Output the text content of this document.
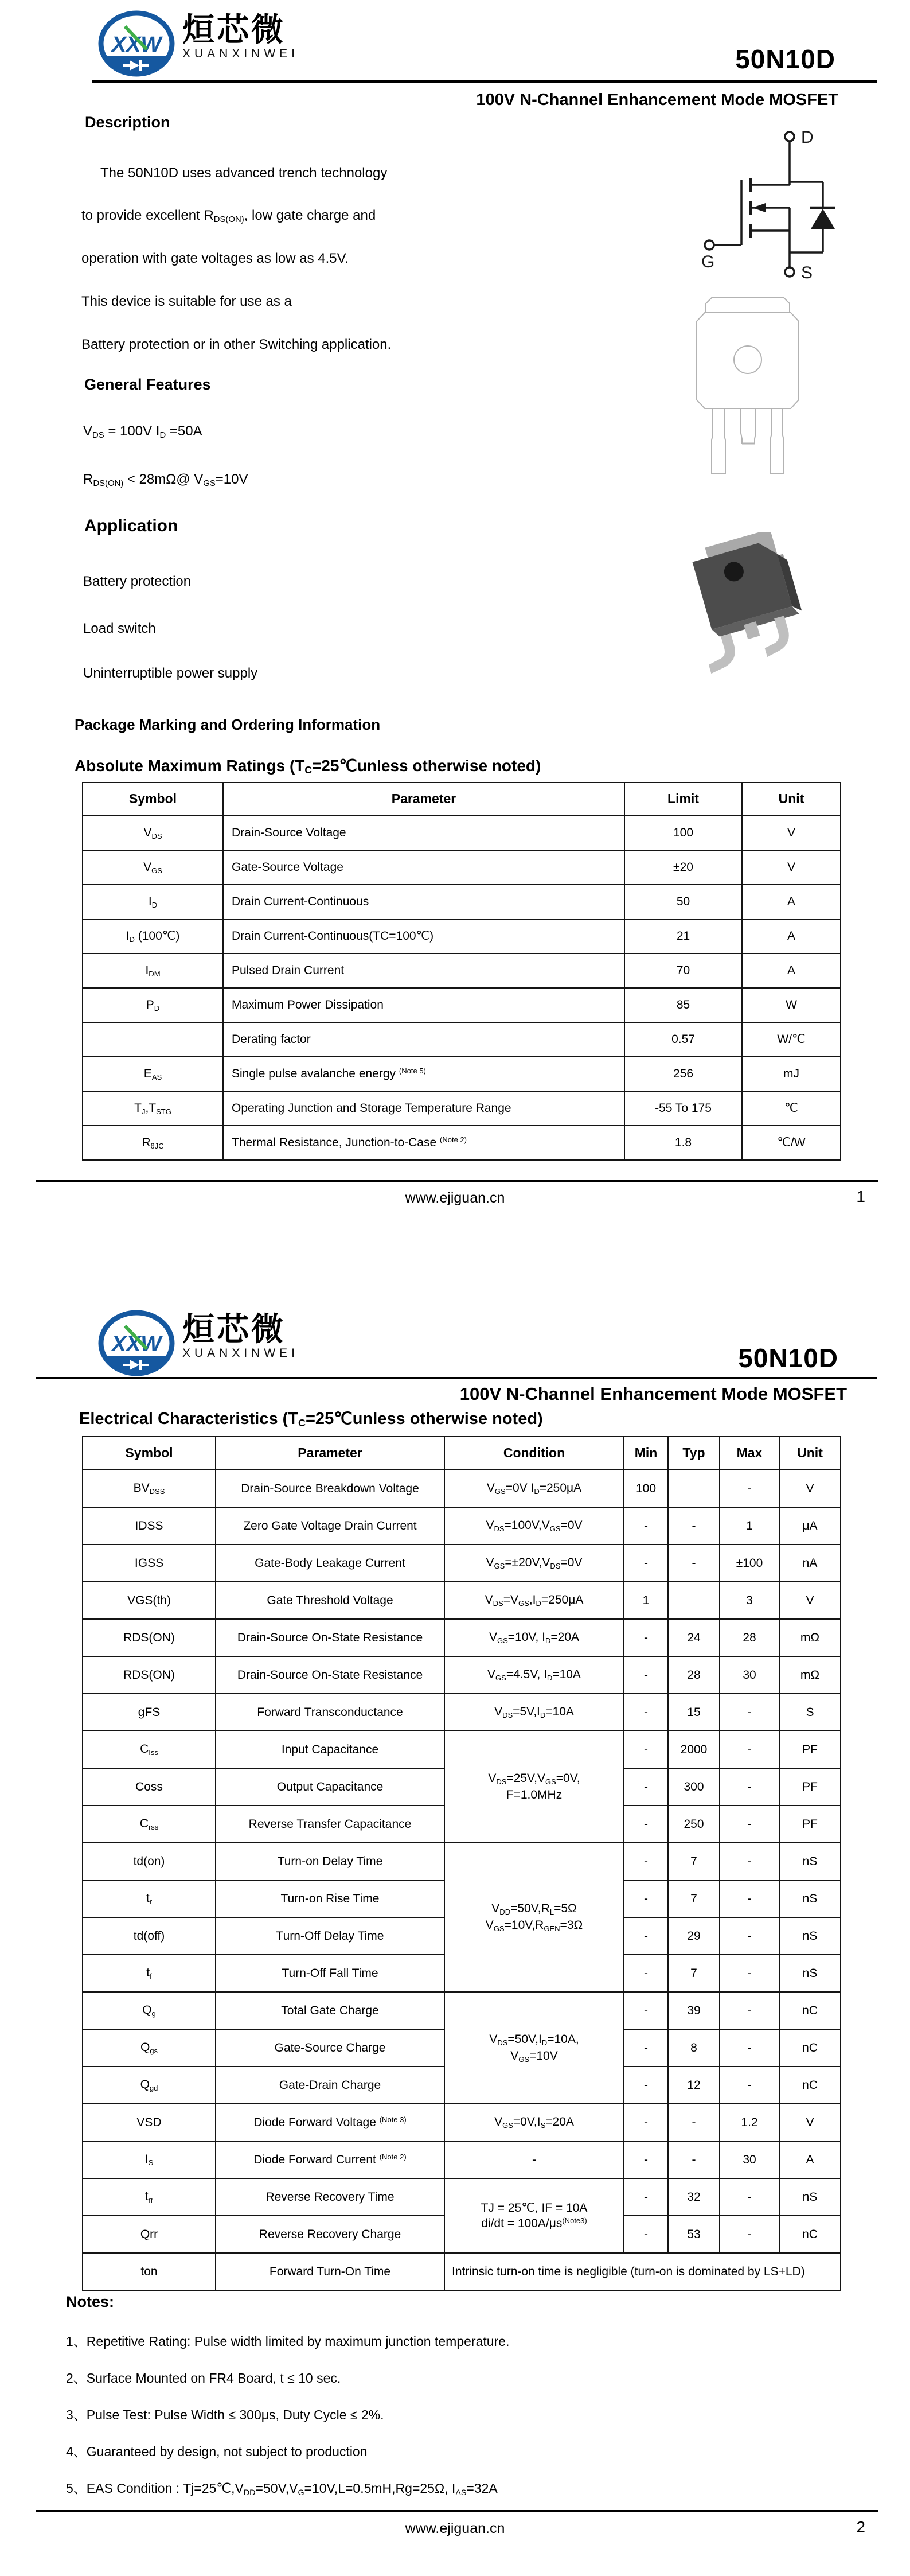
XXW 烜芯微
XUANXINWEI	50N10D
100V N-Channel Enhancement Mode MOSFET
Description
The 50N10D uses advanced trench technology
to provide excellent $R_{DS(ON)}$, low gate charge and
operation with gate voltages as low as 4.5V.
This device is suitable for use as a
Battery protection or in other Switching application.
General Features
$V_{DS} = 100V$ $I_D =50A$
$R_{DS(ON)}$ < 28mΩ@ $V_{GS}=10V$
Application
Battery protection
Load switch
Uninterruptible power supply
Package Marking and Ordering Information
D
G
S
Absolute Maximum Ratings ($T_C=25℃unless$ otherwise noted)
Symbol	Parameter	Limit	Unit
$V_{DS}$	Drain-Source Voltage	100	V
$V_{GS}$	Gate-Source Voltage	±20	V
$I_D$	Drain Current-Continuous	50	A
$I_D$ (100℃)	Drain Current-Continuous(TC=100℃)	21	A
$I_{DM}$	Pulsed Drain Current	70	A
$P_D$	Maximum Power Dissipation	85	W
	Derating factor	0.57	W/℃
$E_{AS}$	Single pulse avalanche energy $^{(Note 5)}$	256	mJ
$T_J,T_{STG}$	Operating Junction and Storage Temperature Range	-55 To 175	℃
$R_{\theta JC}$	Thermal Resistance, Junction-to-Case $^{(Note 2)}$	1.8	℃/W
www.ejiguan.cn	1
XXW 烜芯微
XUANXINWEI	50N10D
100V N-Channel Enhancement Mode MOSFET
Electrical Characteristics ($T_C=25℃unless$ otherwise noted)
Symbol	Parameter	Condition	Min	Typ	Max	Unit
$BV_{DSS}$	Drain-Source Breakdown Voltage	$V_{GS}=0V$ $I_D=250\mu A$	100		-	V
IDSS	Zero Gate Voltage Drain Current	$V_{DS}=100V,V_{GS}=0V$	-	-	1	μA
IGSS	Gate-Body Leakage Current	$V_{GS}=\pm 20V,V_{DS}=0V$	-	-	±100	nA
VGS(th)	Gate Threshold Voltage	$V_{DS}=V_{GS},I_D=250\mu A$	1		3	V
RDS(ON)	Drain-Source On-State Resistance	$V_{GS}=10V$, $I_D=20A$	-	24	28	mΩ
RDS(ON)	Drain-Source On-State Resistance	$V_{GS}=4.5V$, $I_D=10A$	-	28	30	mΩ
gFS	Forward Transconductance	$V_{DS}=5V,I_D=10A$	-	15	-	S
$C_{Iss}$	Input Capacitance	$V_{DS}=25V,V_{GS}=0V$,
F=1.0MHz	-	2000	-	PF
Coss	Output Capacitance		-	300	-	PF
$C_{rss}$	Reverse Transfer Capacitance		-	250	-	PF
td(on)	Turn-on Delay Time	$V_{DD}=50V,R_L=5\Omega$
$V_{GS}=10V,R_{GEN}=3\Omega$	-	7	-	nS
$t_r$	Turn-on Rise Time		-	7	-	nS
td(off)	Turn-Off Delay Time		-	29	-	nS
$t_f$	Turn-Off Fall Time		-	7	-	nS
$Q_g$	Total Gate Charge	$V_{DS}=50V,I_D=10A$,
$V_{GS}=10V$	-	39	-	nC
$Q_{gs}$	Gate-Source Charge		-	8	-	nC
$Q_{gd}$	Gate-Drain Charge		-	12	-	nC
VSD	Diode Forward Voltage $^{(Note 3)}$	$V_{GS}=0V,I_S=20A$	-	-	1.2	V
$I_S$	Diode Forward Current $^{(Note 2)}$	-	-	-	30	A
$t_{rr}$	Reverse Recovery Time	TJ = 25℃, IF = 10A
$di/dt = 100A/\mu s^{(Note3)}$	-	32	-	nS
Qrr	Reverse Recovery Charge		-	53	-	nC
ton	Forward Turn-On Time	Intrinsic turn-on time is negligible (turn-on is dominated by LS+LD)				
Notes:
1、Repetitive Rating: Pulse width limited by maximum junction temperature.
2、Surface Mounted on FR4 Board, t ≤ 10 sec.
3、Pulse Test: Pulse Width ≤ 300μs, Duty Cycle ≤ 2%.
4、Guaranteed by design, not subject to production
5、EAS Condition : $Tj=25℃,V_{DD}=50V,V_G=10V,L=0.5mH,Rg=25\Omega$, $I_{AS}=32A$
www.ejiguan.cn	2
